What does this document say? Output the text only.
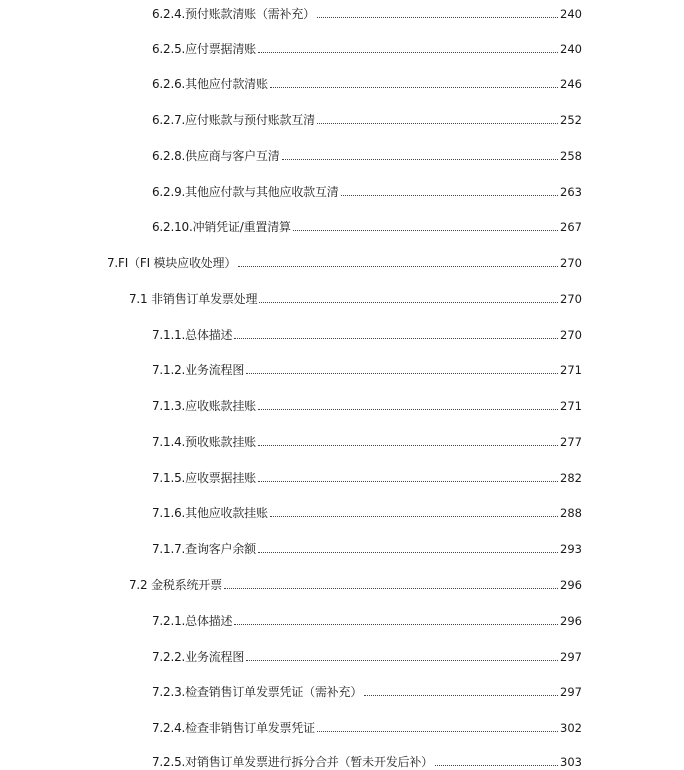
6.2.4.预付账款清账（需补充）	240
6.2.5.应付票据清账	240
6.2.6.其他应付款清账	246
6.2.7.应付账款与预付账款互清	252
6.2.8.供应商与客户互清	258
6.2.9.其他应付款与其他应收款互清	263
6.2.10.冲销凭证/重置清算	267
7.FI（FI 模块应收处理）	270
7.1 非销售订单发票处理	270
7.1.1.总体描述	270
7.1.2.业务流程图	271
7.1.3.应收账款挂账	271
7.1.4.预收账款挂账	277
7.1.5.应收票据挂账	282
7.1.6.其他应收款挂账	288
7.1.7.查询客户余额	293
7.2 金税系统开票	296
7.2.1.总体描述	296
7.2.2.业务流程图	297
7.2.3.检查销售订单发票凭证（需补充）	297
7.2.4.检查非销售订单发票凭证	302
7.2.5.对销售订单发票进行拆分合并（暂未开发后补）	303
